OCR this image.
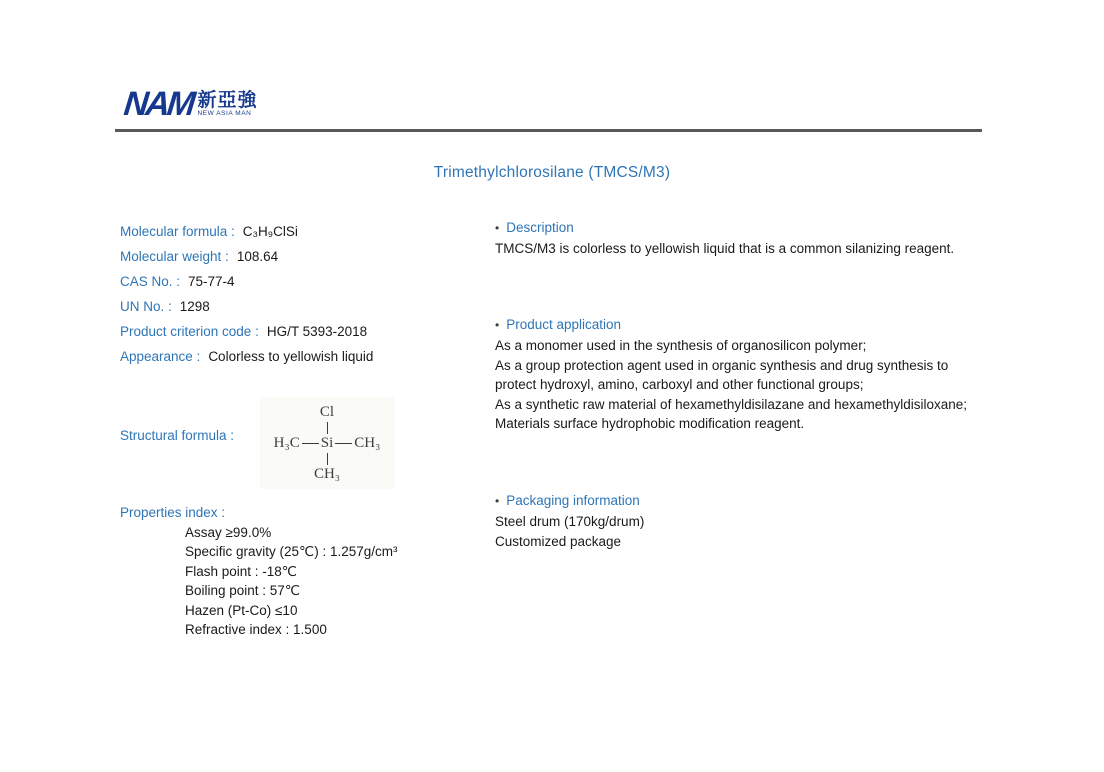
NAM 新亞強
NEW ASIA MAN
Trimethylchlorosilane (TMCS/M3)
Molecular formula : C₃H₉ClSi
Molecular weight : 108.64
CAS No. : 75-77-4
UN No. : 1298
Product criterion code : HG/T 5393-2018
Appearance : Colorless to yellowish liquid
Structural formula :
Cl
H₃C Si CH₃
CH₃
Properties index :
Assay ≥99.0%
Specific gravity (25℃) : 1.257g/cm³
Flash point : -18℃
Boiling point : 57℃
Hazen (Pt-Co) ≤10
Refractive index : 1.500
• Description
TMCS/M3 is colorless to yellowish liquid that is a common silanizing reagent.
• Product application
As a monomer used in the synthesis of organosilicon polymer;
As a group protection agent used in organic synthesis and drug synthesis to protect hydroxyl, amino, carboxyl and other functional groups;
As a synthetic raw material of hexamethyldisilazane and hexamethyldisiloxane;
Materials surface hydrophobic modification reagent.
• Packaging information
Steel drum (170kg/drum)
Customized package
